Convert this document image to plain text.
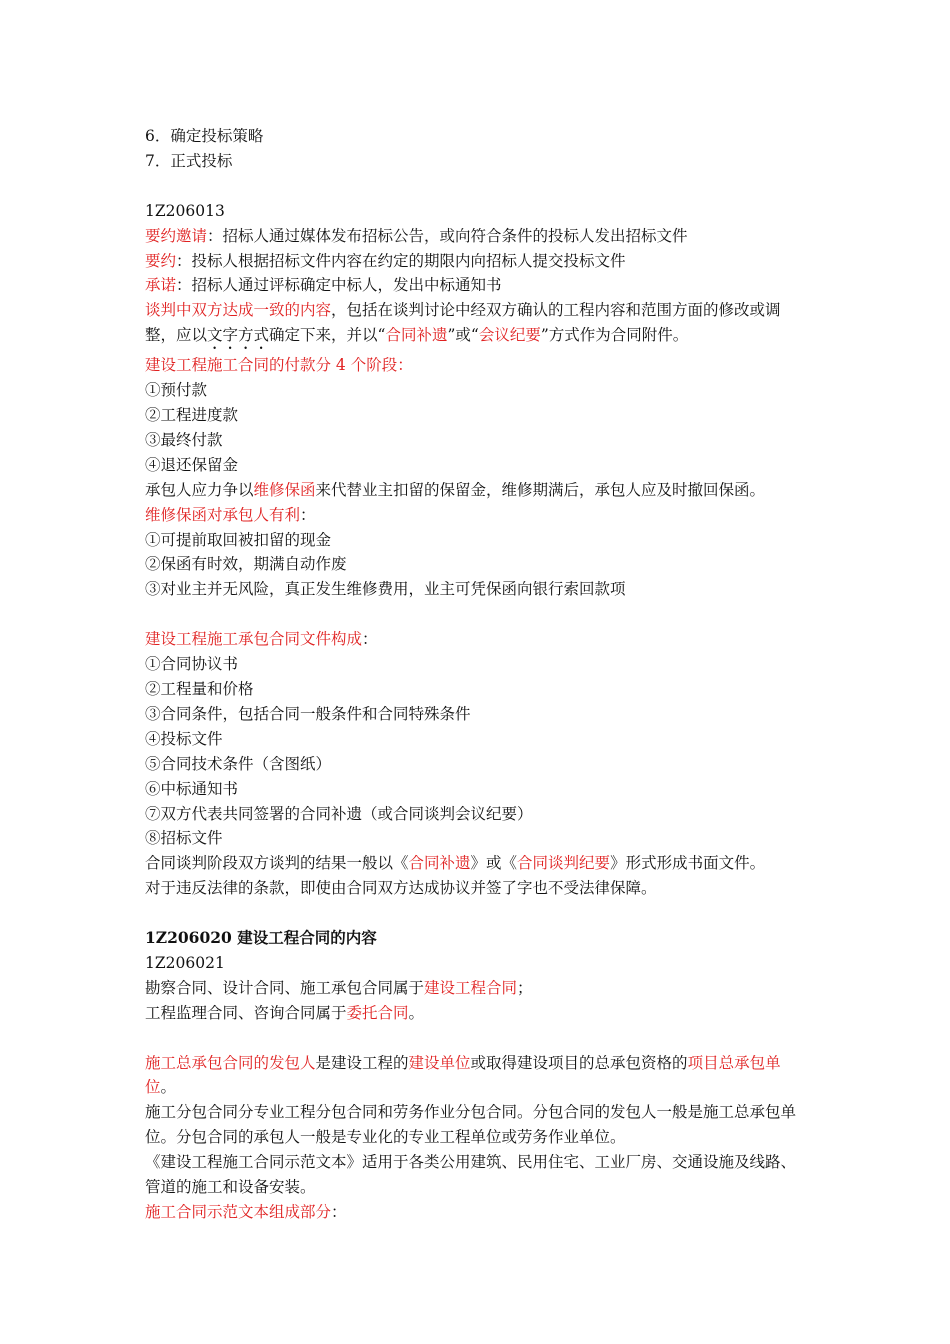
6．确定投标策略
7．正式投标
1Z206013
要约邀请：招标人通过媒体发布招标公告，或向符合条件的投标人发出招标文件
要约：投标人根据招标文件内容在约定的期限内向招标人提交投标文件
承诺：招标人通过评标确定中标人，发出中标通知书
谈判中双方达成一致的内容，包括在谈判讨论中经双方确认的工程内容和范围方面的修改或调整，应以文字方式确定下来，并以“合同补遗”或“会议纪要”方式作为合同附件。
建设工程施工合同的付款分 4 个阶段：
①预付款
②工程进度款
③最终付款
④退还保留金
承包人应力争以维修保函来代替业主扣留的保留金，维修期满后，承包人应及时撤回保函。
维修保函对承包人有利：
①可提前取回被扣留的现金
②保函有时效，期满自动作废
③对业主并无风险，真正发生维修费用，业主可凭保函向银行索回款项
建设工程施工承包合同文件构成：
①合同协议书
②工程量和价格
③合同条件，包括合同一般条件和合同特殊条件
④投标文件
⑤合同技术条件（含图纸）
⑥中标通知书
⑦双方代表共同签署的合同补遗（或合同谈判会议纪要）
⑧招标文件
合同谈判阶段双方谈判的结果一般以《合同补遗》或《合同谈判纪要》形式形成书面文件。
对于违反法律的条款，即使由合同双方达成协议并签了字也不受法律保障。
1Z206020 建设工程合同的内容
1Z206021
勘察合同、设计合同、施工承包合同属于建设工程合同；
工程监理合同、咨询合同属于委托合同。
施工总承包合同的发包人是建设工程的建设单位或取得建设项目的总承包资格的项目总承包单位。
施工分包合同分专业工程分包合同和劳务作业分包合同。分包合同的发包人一般是施工总承包单位。分包合同的承包人一般是专业化的专业工程单位或劳务作业单位。
《建设工程施工合同示范文本》适用于各类公用建筑、民用住宅、工业厂房、交通设施及线路、管道的施工和设备安装。
施工合同示范文本组成部分：
